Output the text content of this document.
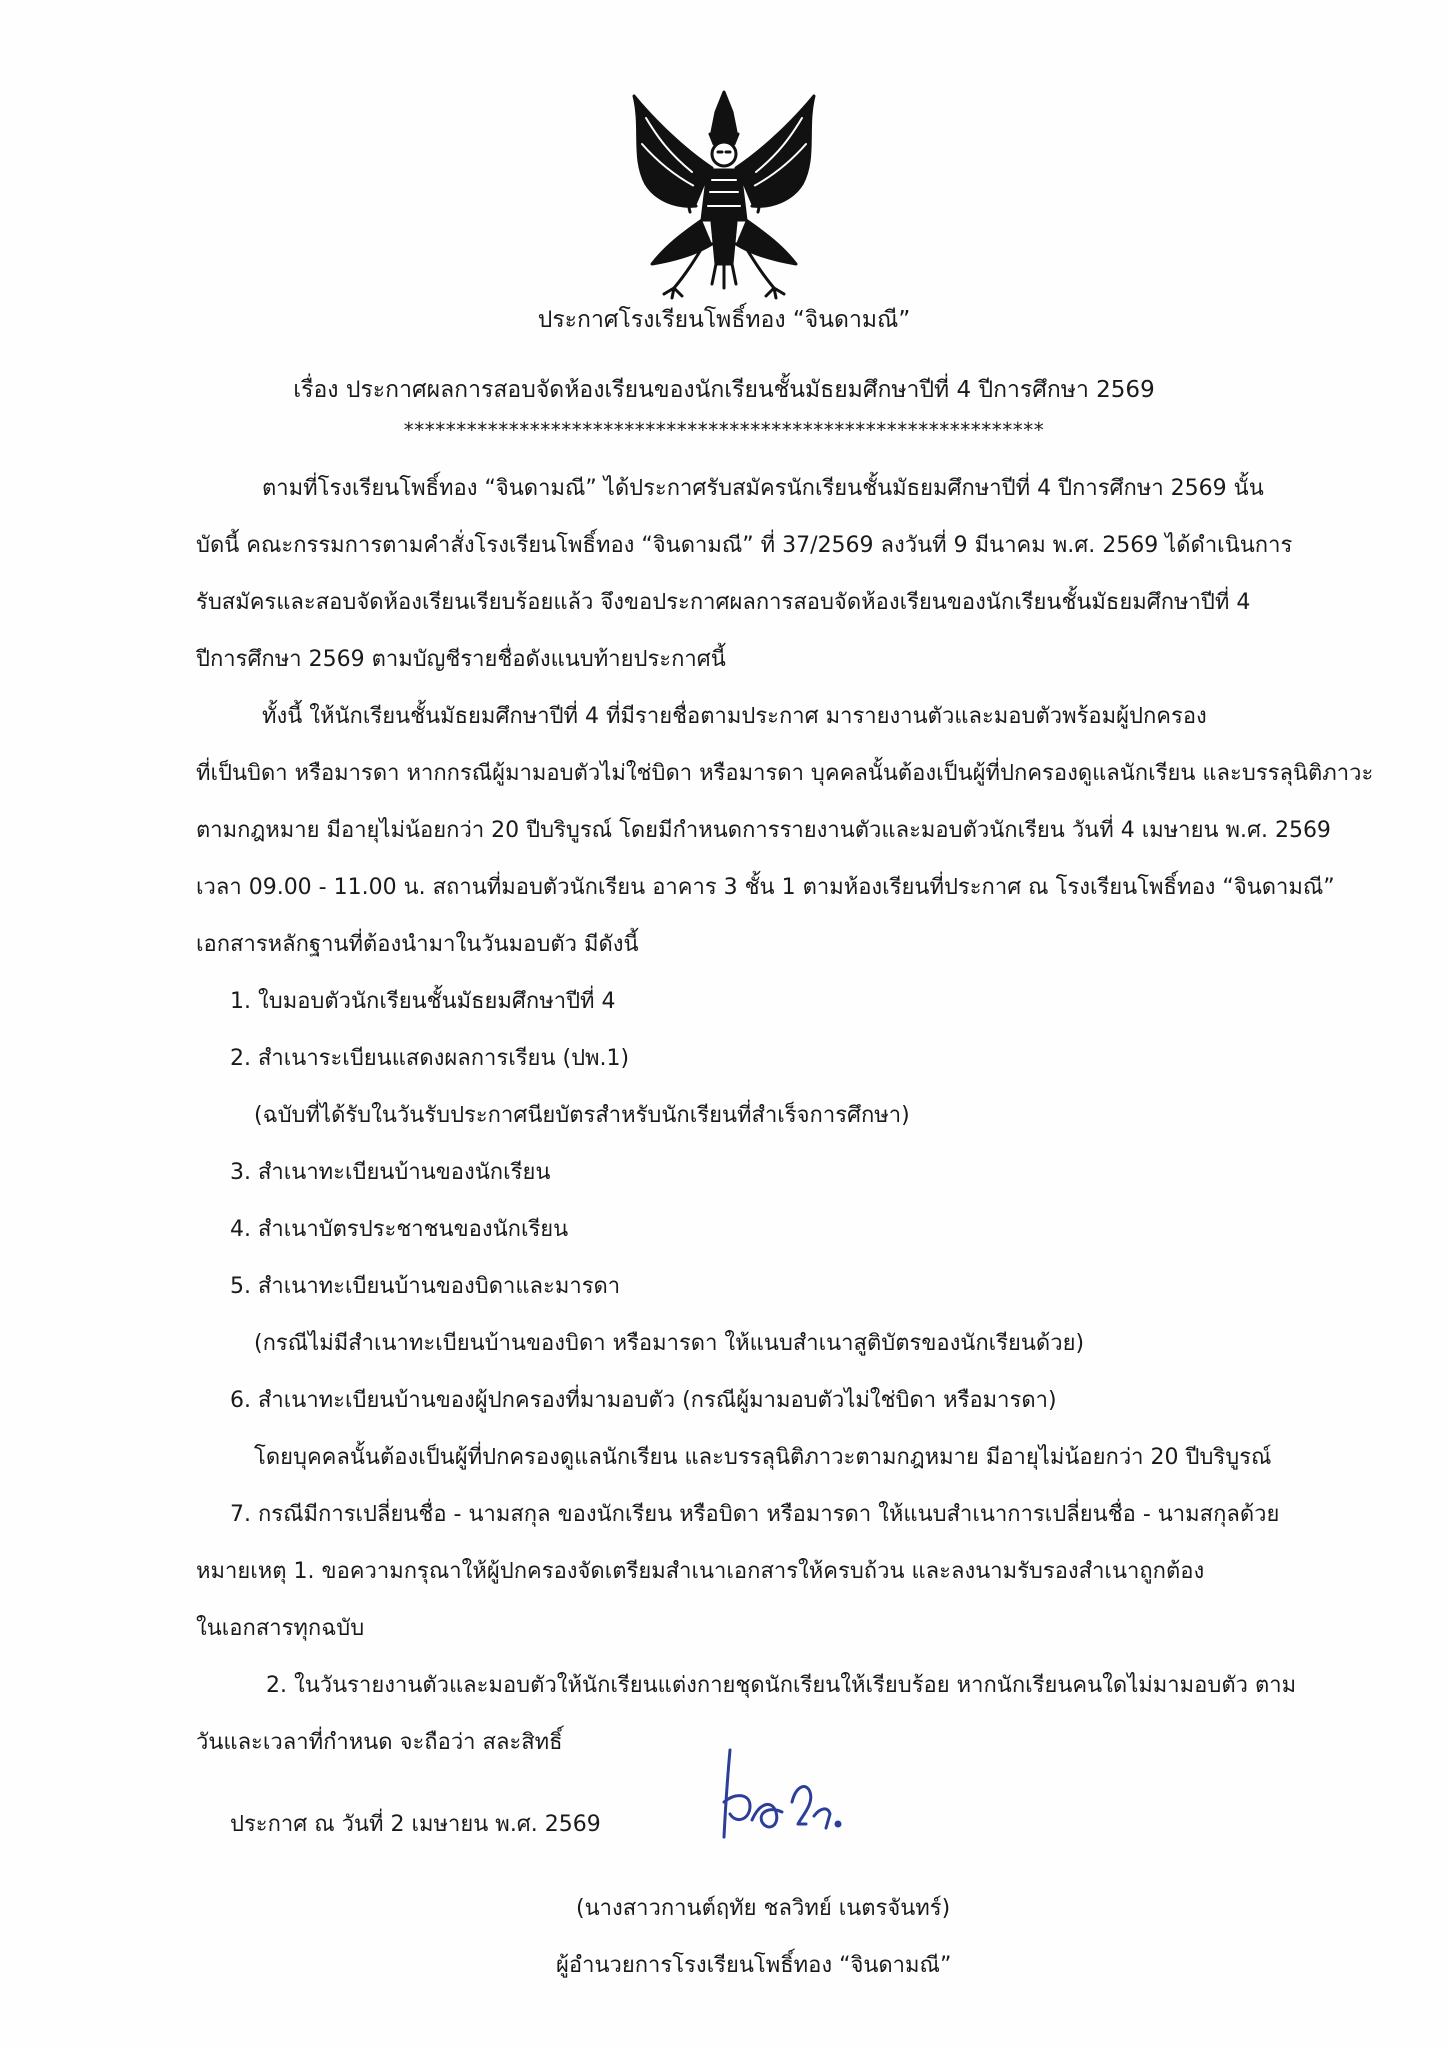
ประกาศโรงเรียนโพธิ์ทอง “จินดามณี”
เรื่อง ประกาศผลการสอบจัดห้องเรียนของนักเรียนชั้นมัธยมศึกษาปีที่ 4 ปีการศึกษา 2569
*************************************************************
ตามที่โรงเรียนโพธิ์ทอง “จินดามณี” ได้ประกาศรับสมัครนักเรียนชั้นมัธยมศึกษาปีที่ 4 ปีการศึกษา 2569 นั้น
บัดนี้ คณะกรรมการตามคำสั่งโรงเรียนโพธิ์ทอง “จินดามณี” ที่ 37/2569 ลงวันที่ 9 มีนาคม พ.ศ. 2569 ได้ดำเนินการ
รับสมัครและสอบจัดห้องเรียนเรียบร้อยแล้ว จึงขอประกาศผลการสอบจัดห้องเรียนของนักเรียนชั้นมัธยมศึกษาปีที่ 4
ปีการศึกษา 2569 ตามบัญชีรายชื่อดังแนบท้ายประกาศนี้
ทั้งนี้ ให้นักเรียนชั้นมัธยมศึกษาปีที่ 4 ที่มีรายชื่อตามประกาศ มารายงานตัวและมอบตัวพร้อมผู้ปกครอง
ที่เป็นบิดา หรือมารดา หากกรณีผู้มามอบตัวไม่ใช่บิดา หรือมารดา บุคคลนั้นต้องเป็นผู้ที่ปกครองดูแลนักเรียน และบรรลุนิติภาวะ
ตามกฎหมาย มีอายุไม่น้อยกว่า 20 ปีบริบูรณ์ โดยมีกำหนดการรายงานตัวและมอบตัวนักเรียน วันที่ 4 เมษายน พ.ศ. 2569
เวลา 09.00 - 11.00 น. สถานที่มอบตัวนักเรียน อาคาร 3 ชั้น 1 ตามห้องเรียนที่ประกาศ ณ โรงเรียนโพธิ์ทอง “จินดามณี”
เอกสารหลักฐานที่ต้องนำมาในวันมอบตัว มีดังนี้
1. ใบมอบตัวนักเรียนชั้นมัธยมศึกษาปีที่ 4
2. สำเนาระเบียนแสดงผลการเรียน (ปพ.1)
(ฉบับที่ได้รับในวันรับประกาศนียบัตรสำหรับนักเรียนที่สำเร็จการศึกษา)
3. สำเนาทะเบียนบ้านของนักเรียน
4. สำเนาบัตรประชาชนของนักเรียน
5. สำเนาทะเบียนบ้านของบิดาและมารดา
(กรณีไม่มีสำเนาทะเบียนบ้านของบิดา หรือมารดา ให้แนบสำเนาสูติบัตรของนักเรียนด้วย)
6. สำเนาทะเบียนบ้านของผู้ปกครองที่มามอบตัว (กรณีผู้มามอบตัวไม่ใช่บิดา หรือมารดา)
โดยบุคคลนั้นต้องเป็นผู้ที่ปกครองดูแลนักเรียน และบรรลุนิติภาวะตามกฎหมาย มีอายุไม่น้อยกว่า 20 ปีบริบูรณ์
7. กรณีมีการเปลี่ยนชื่อ - นามสกุล ของนักเรียน หรือบิดา หรือมารดา ให้แนบสำเนาการเปลี่ยนชื่อ - นามสกุลด้วย
หมายเหตุ 1. ขอความกรุณาให้ผู้ปกครองจัดเตรียมสำเนาเอกสารให้ครบถ้วน และลงนามรับรองสำเนาถูกต้อง
ในเอกสารทุกฉบับ
2. ในวันรายงานตัวและมอบตัวให้นักเรียนแต่งกายชุดนักเรียนให้เรียบร้อย หากนักเรียนคนใดไม่มามอบตัว ตาม
วันและเวลาที่กำหนด จะถือว่า สละสิทธิ์
ประกาศ ณ วันที่ 2 เมษายน พ.ศ. 2569
(นางสาวกานต์ฤทัย ชลวิทย์ เนตรจันทร์)
ผู้อำนวยการโรงเรียนโพธิ์ทอง “จินดามณี”
